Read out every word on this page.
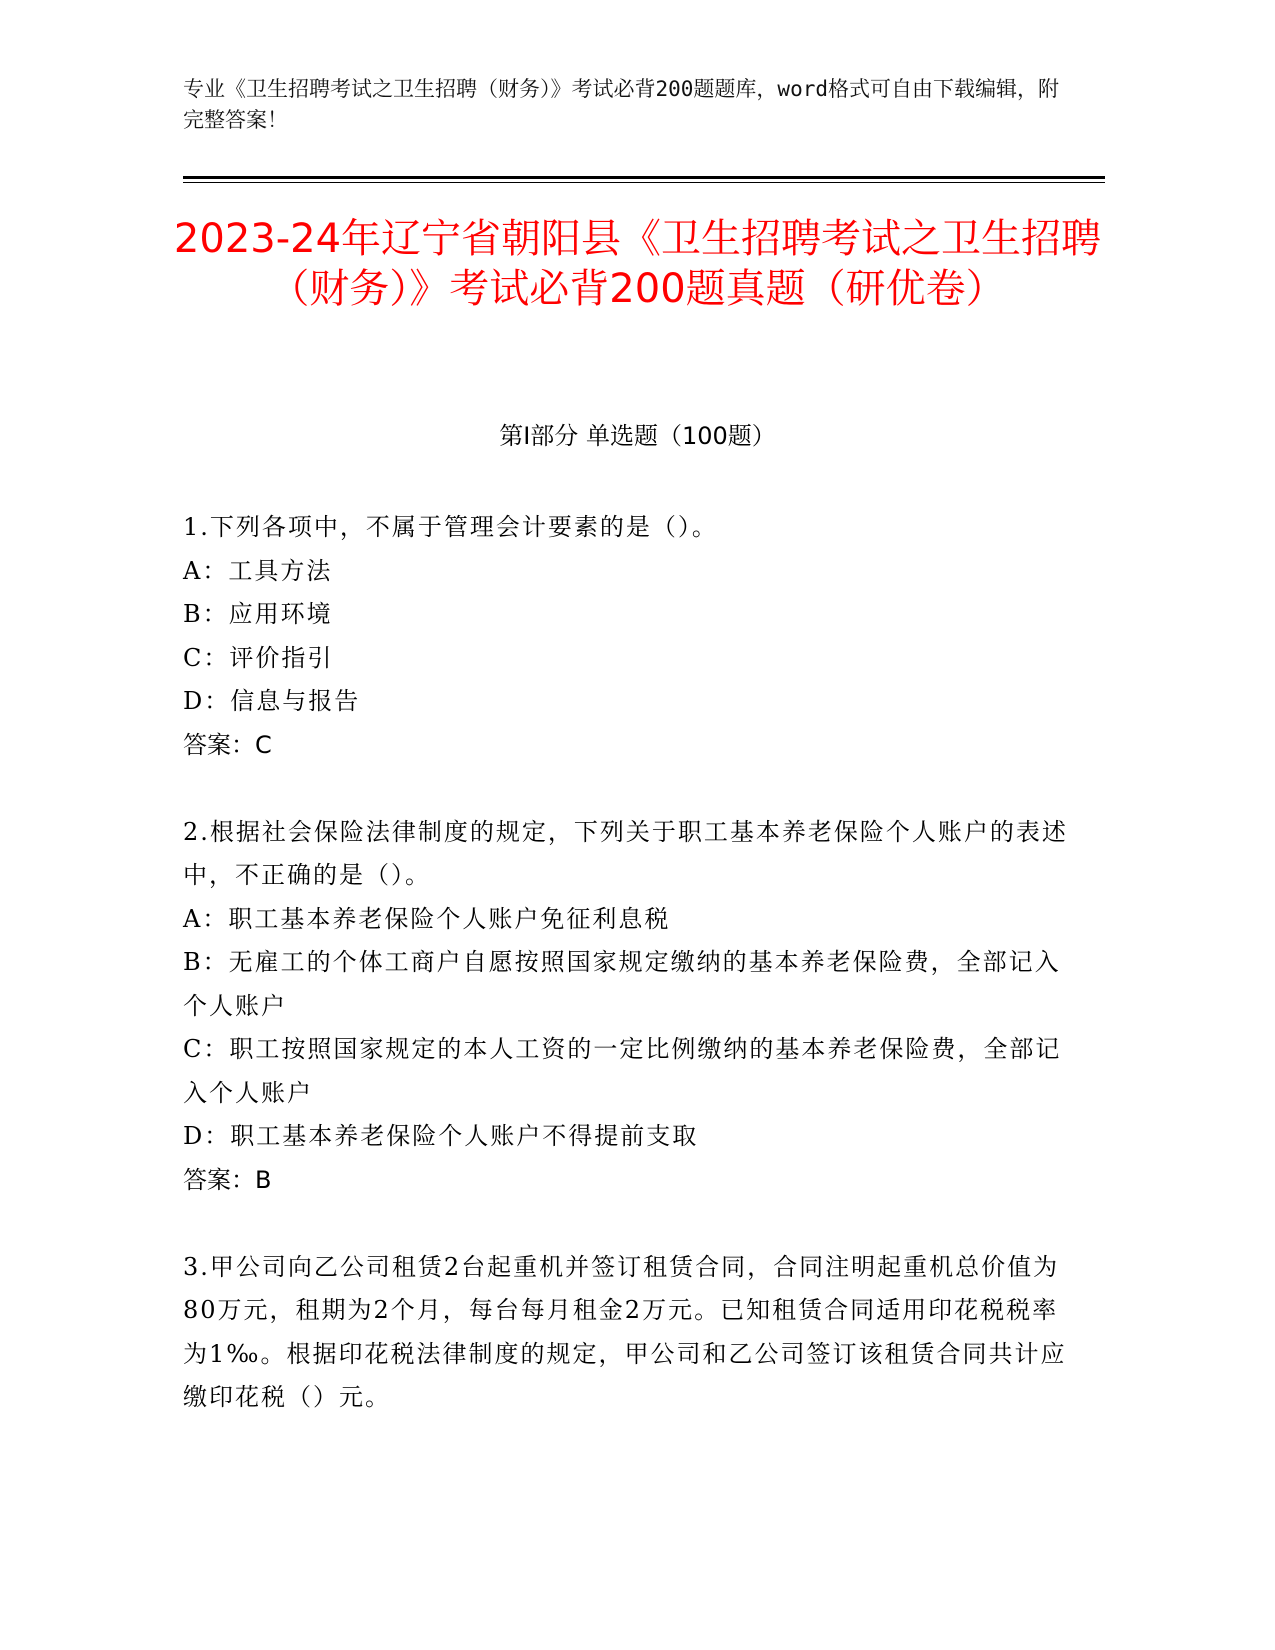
专业《卫生招聘考试之卫生招聘（财务）》考试必背200题题库，word格式可自由下载编辑，附完整答案！
2023-24年辽宁省朝阳县《卫生招聘考试之卫生招聘（财务）》考试必背200题真题（研优卷）
第Ⅰ部分 单选题（100题）
1.下列各项中，不属于管理会计要素的是（）。
A：工具方法
B：应用环境
C：评价指引
D：信息与报告
答案：C
2.根据社会保险法律制度的规定，下列关于职工基本养老保险个人账户的表述中，不正确的是（）。
A：职工基本养老保险个人账户免征利息税
B：无雇工的个体工商户自愿按照国家规定缴纳的基本养老保险费，全部记入个人账户
C：职工按照国家规定的本人工资的一定比例缴纳的基本养老保险费，全部记入个人账户
D：职工基本养老保险个人账户不得提前支取
答案：B
3.甲公司向乙公司租赁2台起重机并签订租赁合同，合同注明起重机总价值为80万元，租期为2个月，每台每月租金2万元。已知租赁合同适用印花税税率为1‰。根据印花税法律制度的规定，甲公司和乙公司签订该租赁合同共计应缴印花税（）元。
